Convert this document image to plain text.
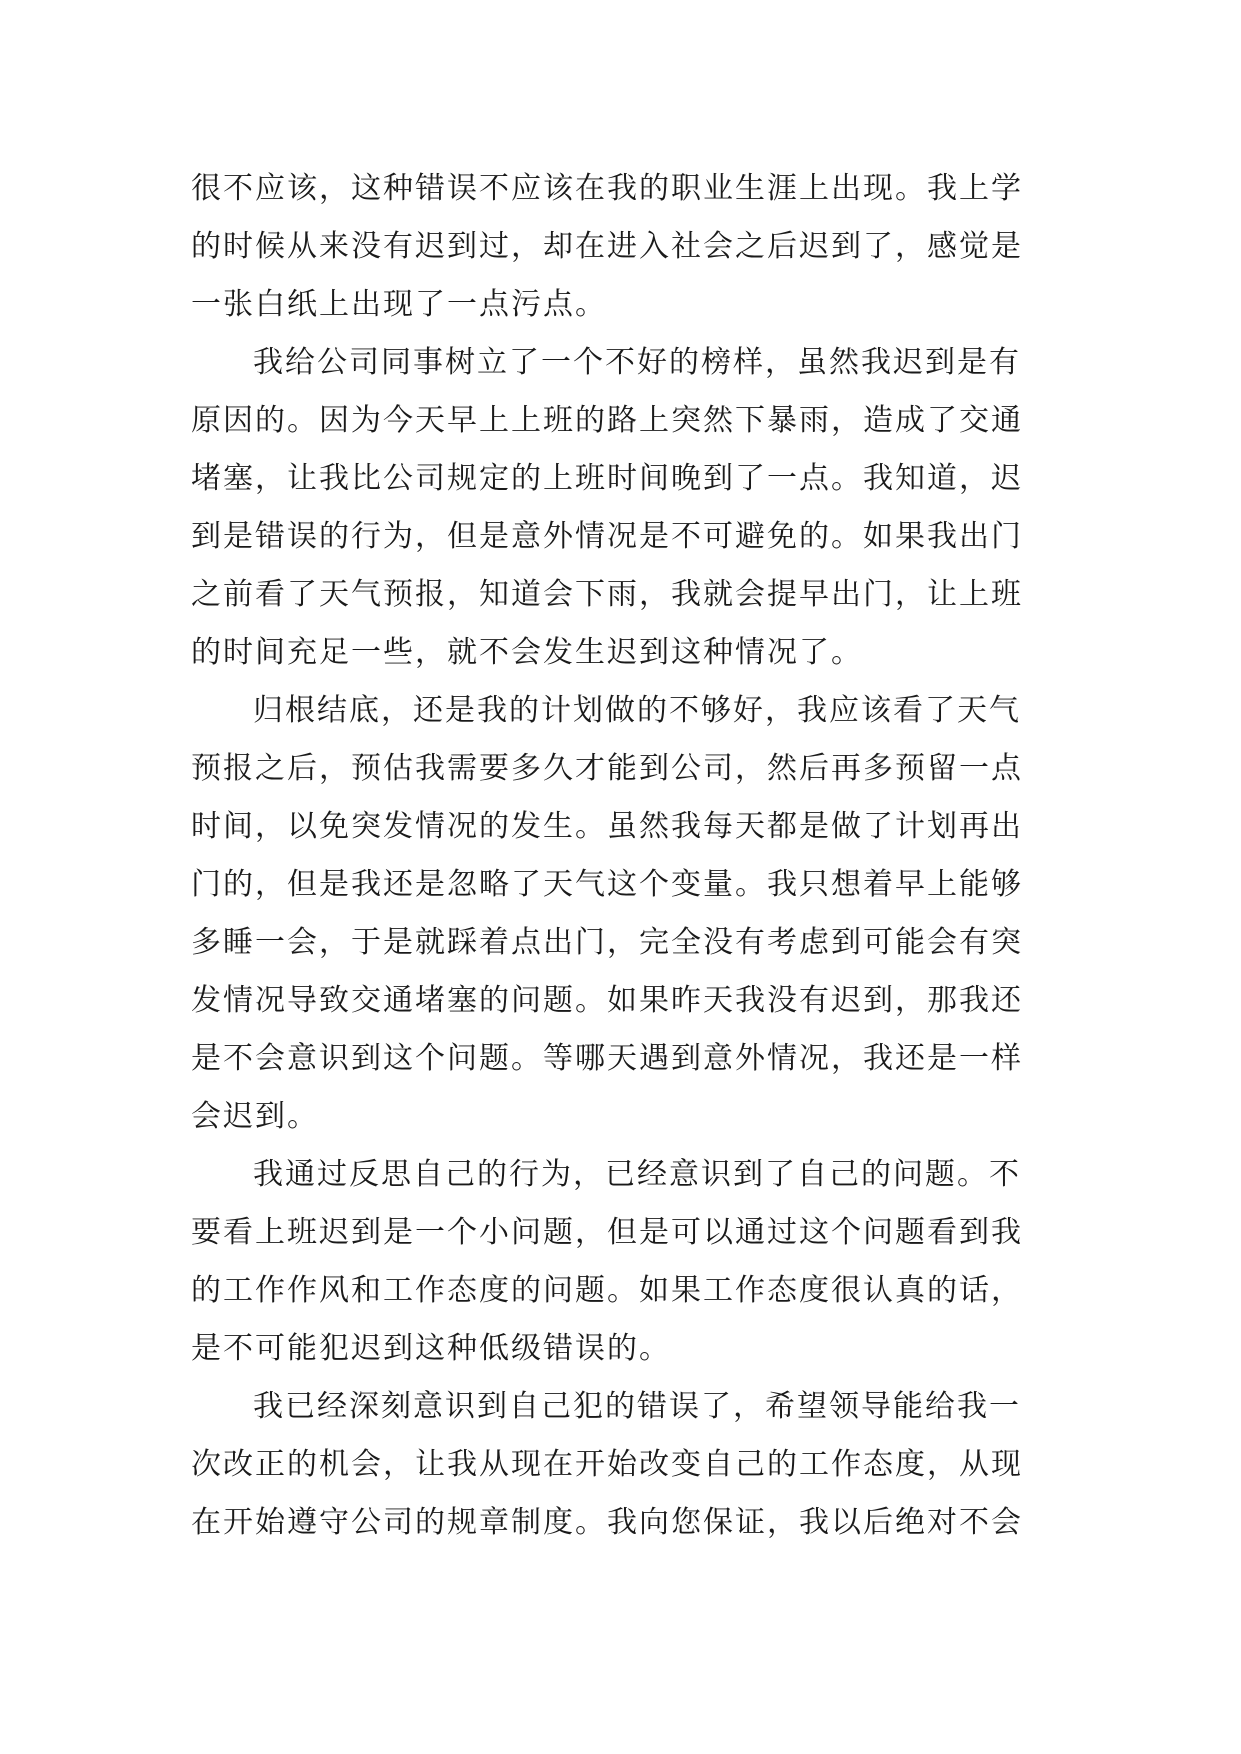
很不应该，这种错误不应该在我的职业生涯上出现。我上学
的时候从来没有迟到过，却在进入社会之后迟到了，感觉是
一张白纸上出现了一点污点。

我给公司同事树立了一个不好的榜样，虽然我迟到是有
原因的。因为今天早上上班的路上突然下暴雨，造成了交通
堵塞，让我比公司规定的上班时间晚到了一点。我知道，迟
到是错误的行为，但是意外情况是不可避免的。如果我出门
之前看了天气预报，知道会下雨，我就会提早出门，让上班
的时间充足一些，就不会发生迟到这种情况了。

归根结底，还是我的计划做的不够好，我应该看了天气
预报之后，预估我需要多久才能到公司，然后再多预留一点
时间，以免突发情况的发生。虽然我每天都是做了计划再出
门的，但是我还是忽略了天气这个变量。我只想着早上能够
多睡一会，于是就踩着点出门，完全没有考虑到可能会有突
发情况导致交通堵塞的问题。如果昨天我没有迟到，那我还
是不会意识到这个问题。等哪天遇到意外情况，我还是一样
会迟到。

我通过反思自己的行为，已经意识到了自己的问题。不
要看上班迟到是一个小问题，但是可以通过这个问题看到我
的工作作风和工作态度的问题。如果工作态度很认真的话，
是不可能犯迟到这种低级错误的。

我已经深刻意识到自己犯的错误了，希望领导能给我一
次改正的机会，让我从现在开始改变自己的工作态度，从现
在开始遵守公司的规章制度。我向您保证，我以后绝对不会
